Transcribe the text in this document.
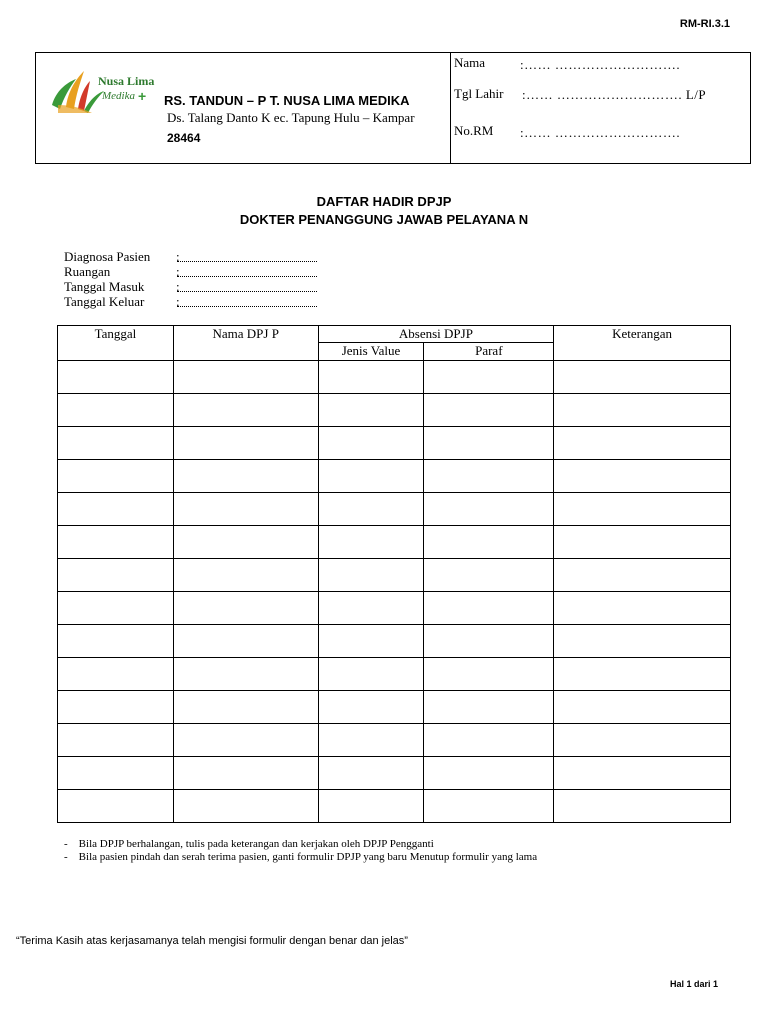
RM-RI.3.1
Nusa Lima
Medika + RS. TANDUN – P T. NUSA LIMA MEDIKA
Ds. Talang Danto K ec. Tapung Hulu – Kampar
28464
Nama	:…… ……………………….
Tgl Lahir :…… ………………………. L/P
No.RM :…… ……………………….
DAFTAR HADIR DPJP
DOKTER PENANGGUNG JAWAB PELAYANA N
Diagnosa Pasien :
Ruangan	:
Tanggal Masuk :
Tanggal Keluar :
Tanggal	Nama DPJ P	Absensi DPJP		Keterangan
		Jenis Value	Paraf	

- Bila DPJP berhalangan, tulis pada keterangan dan kerjakan oleh DPJP Pengganti
- Bila pasien pindah dan serah terima pasien, ganti formulir DPJP yang baru Menutup formulir yang lama
“Terima Kasih atas kerjasamanya telah mengisi formulir dengan benar dan jelas”
Hal 1 dari 1
